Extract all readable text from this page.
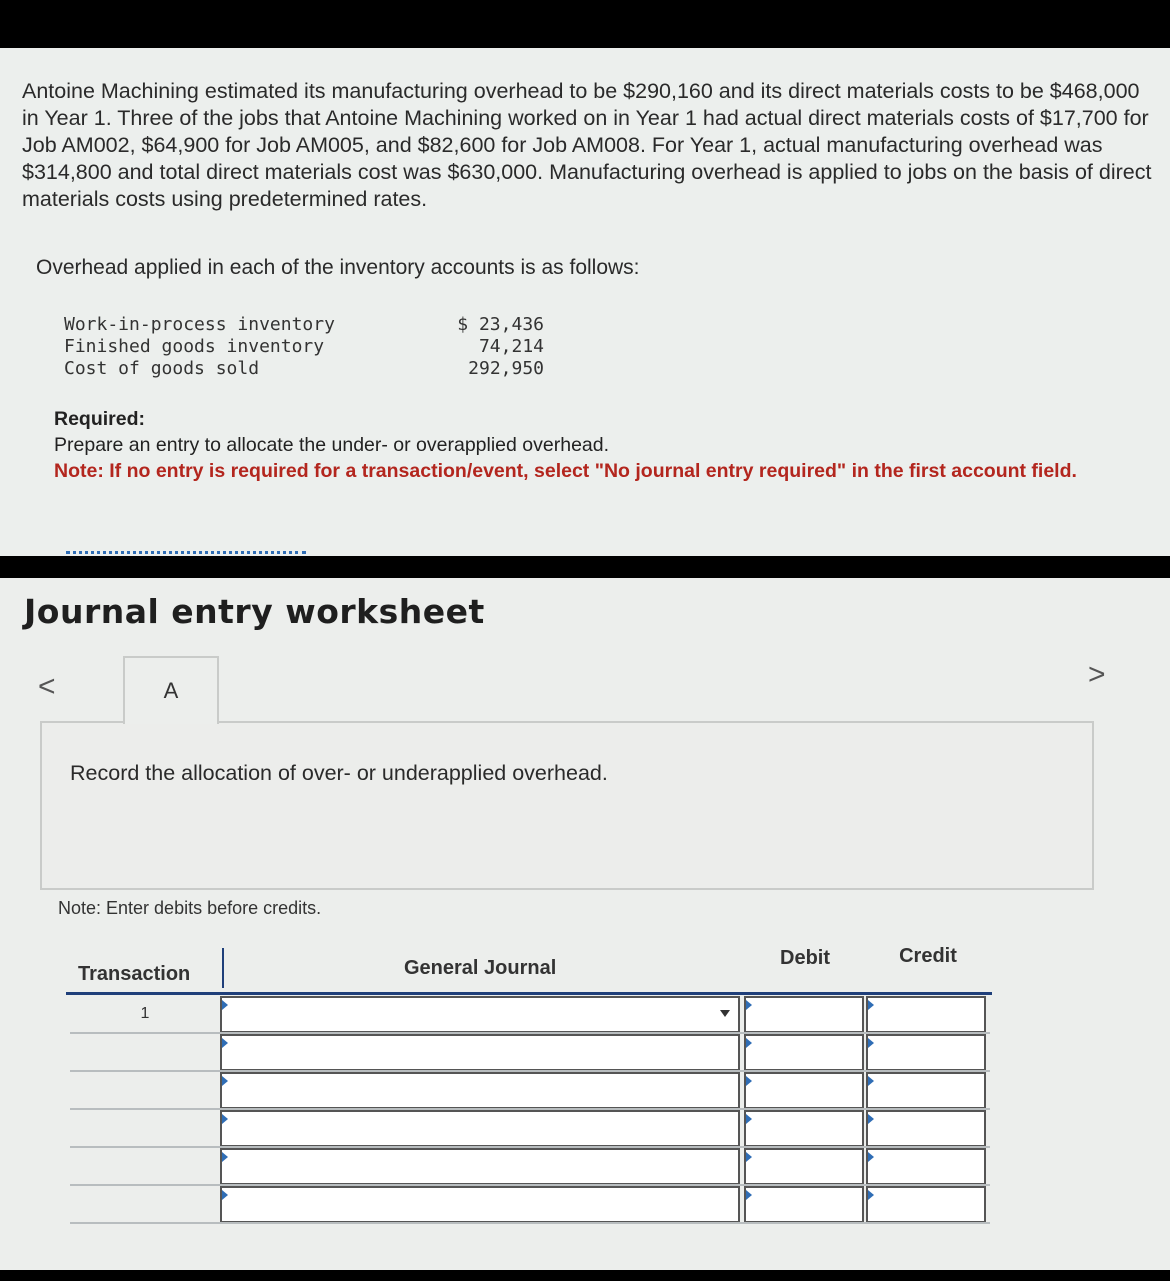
Antoine Machining estimated its manufacturing overhead to be $290,160 and its direct materials costs to be $468,000 in Year 1. Three of the jobs that Antoine Machining worked on in Year 1 had actual direct materials costs of $17,700 for Job AM002, $64,900 for Job AM005, and $82,600 for Job AM008. For Year 1, actual manufacturing overhead was $314,800 and total direct materials cost was $630,000. Manufacturing overhead is applied to jobs on the basis of direct materials costs using predetermined rates.
Overhead applied in each of the inventory accounts is as follows:
Work-in-process inventory	$ 23,436
Finished goods inventory	74,214
Cost of goods sold	292,950
Required:
Prepare an entry to allocate the under- or overapplied overhead.
Note: If no entry is required for a transaction/event, select "No journal entry required" in the first account field.
Journal entry worksheet
<	>
A
Record the allocation of over- or underapplied overhead.
Note: Enter debits before credits.
Transaction	General Journal	Debit	Credit
1
